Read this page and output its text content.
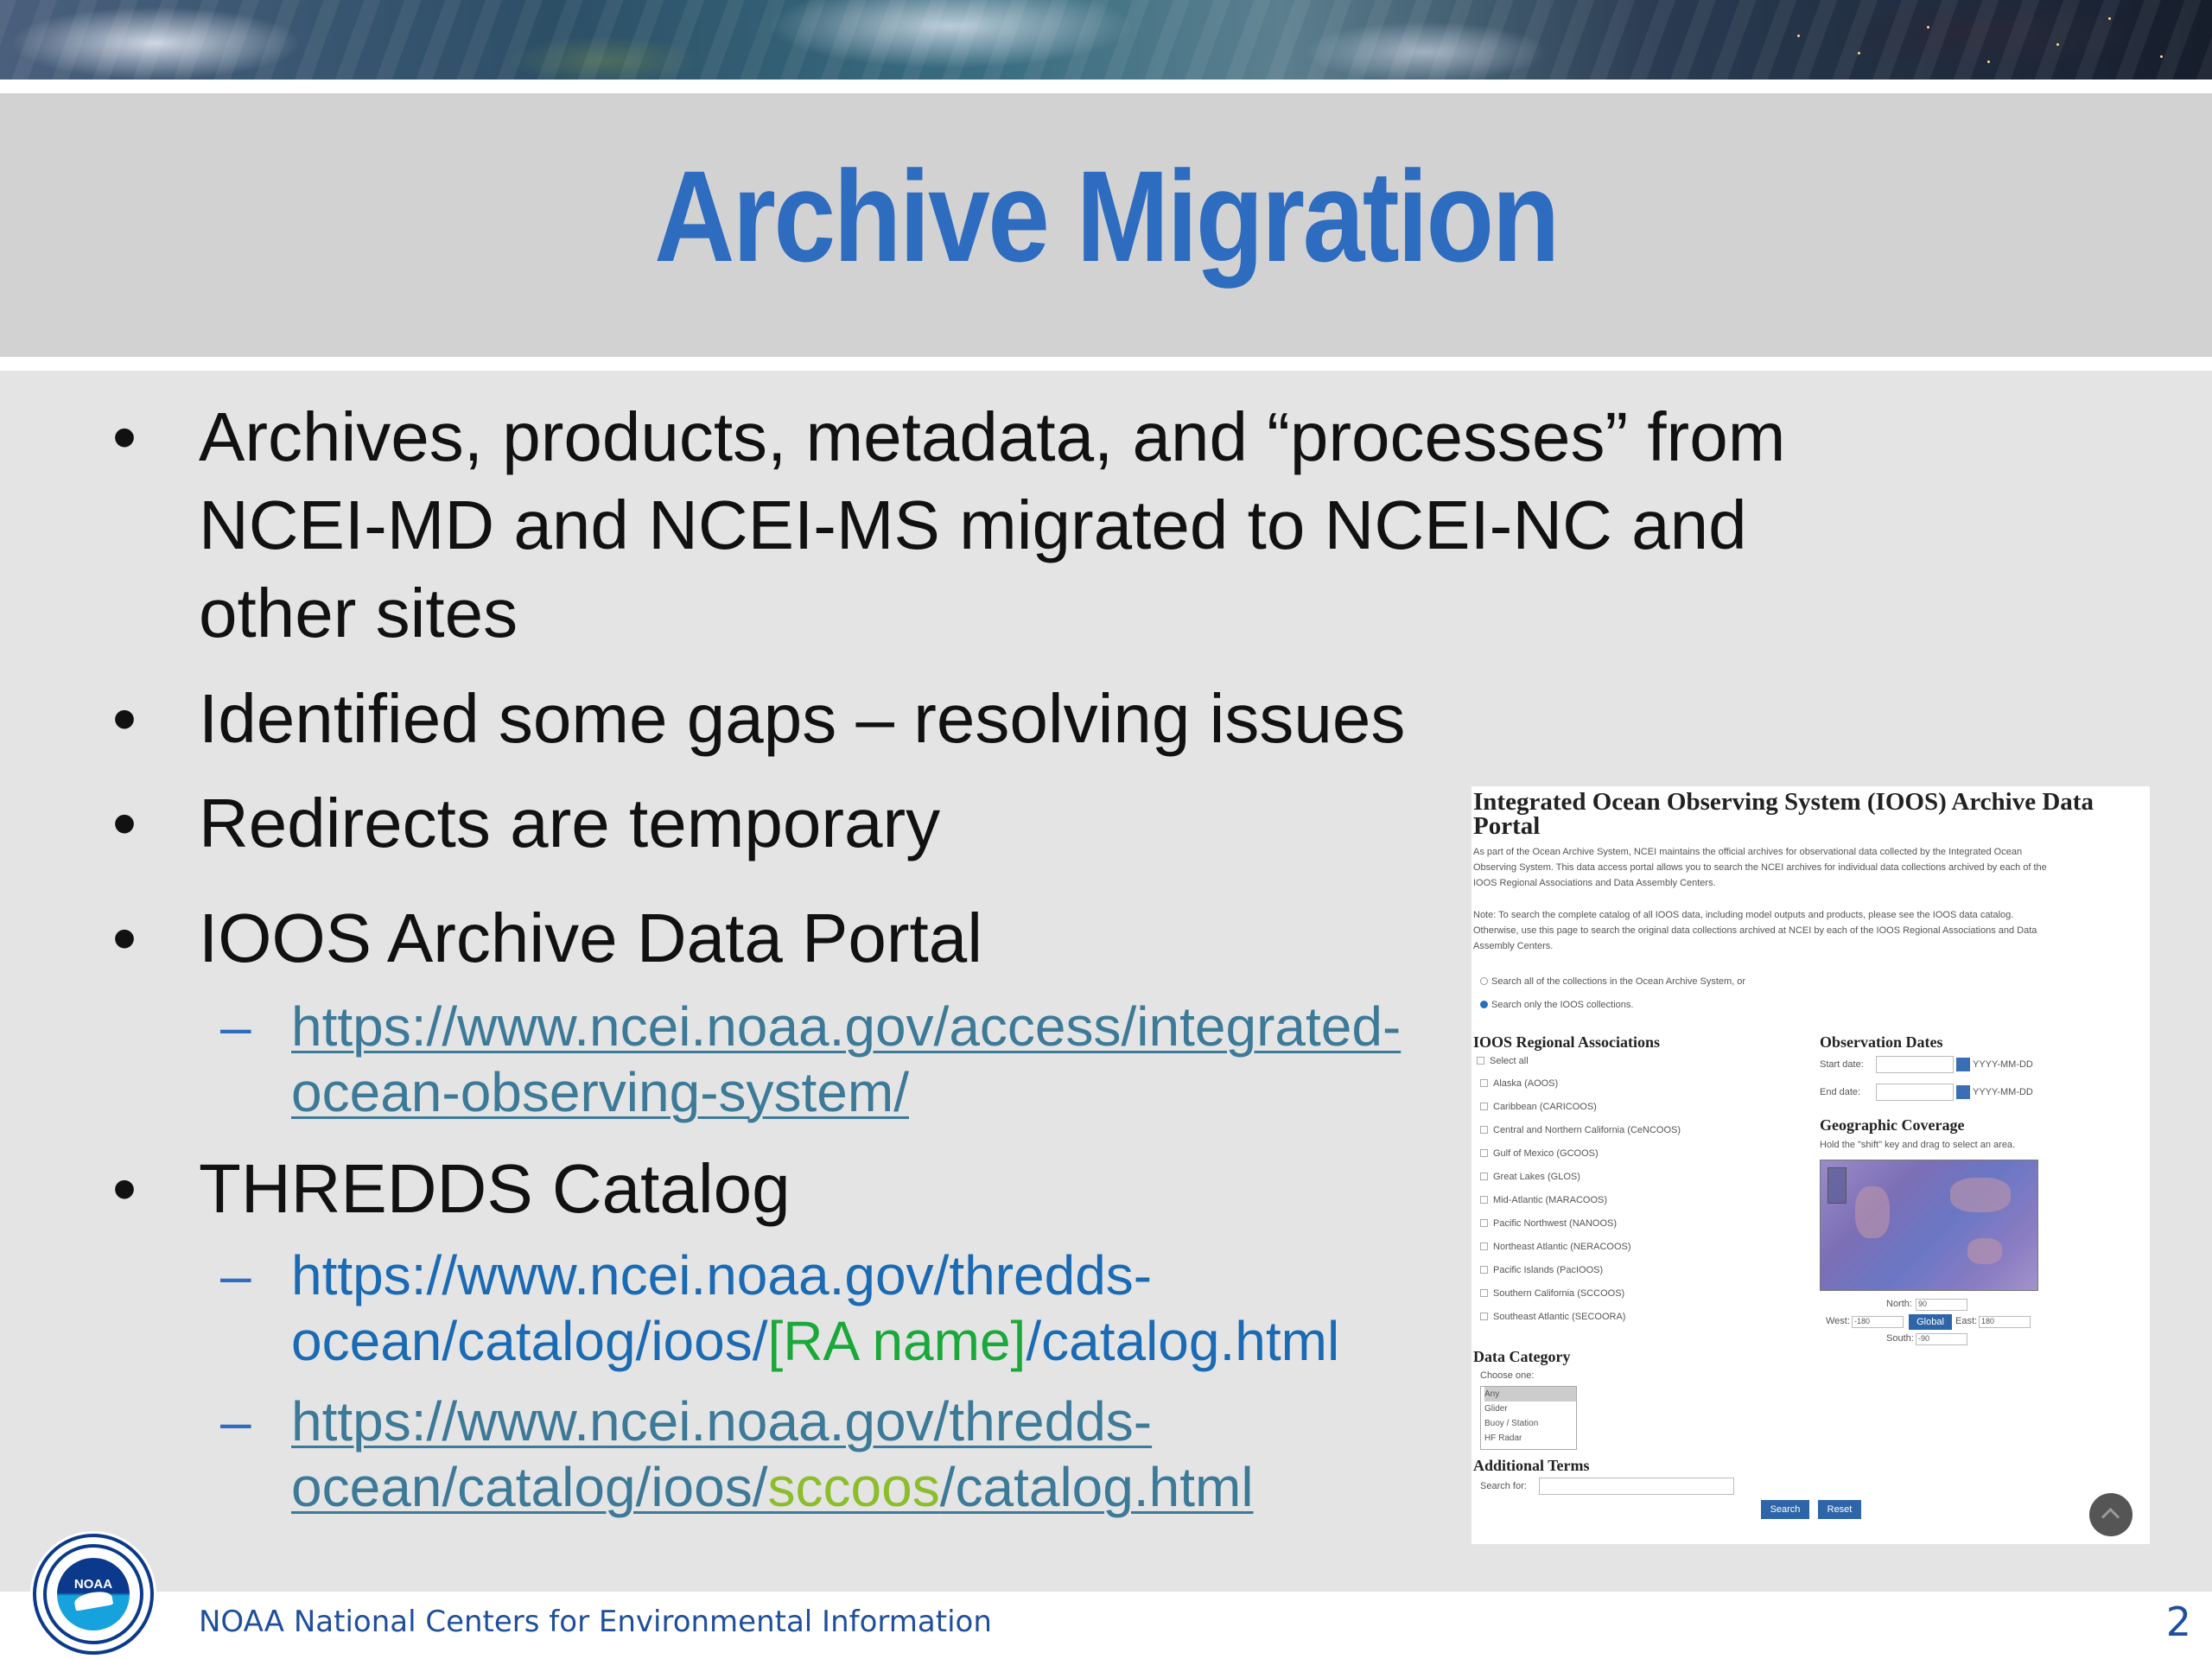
Archive Migration
• Archives, products, metadata, and “processes” from
NCEI-MD and NCEI-MS migrated to NCEI-NC and
other sites
• Identified some gaps – resolving issues
• Redirects are temporary
• IOOS Archive Data Portal
– https://www.ncei.noaa.gov/access/integrated-
ocean-observing-system/
• THREDDS Catalog
– https://www.ncei.noaa.gov/thredds-
ocean/catalog/ioos/[RA name]/catalog.html
– https://www.ncei.noaa.gov/thredds-
ocean/catalog/ioos/sccoos/catalog.html
Integrated Ocean Observing System (IOOS) Archive Data
Portal
As part of the Ocean Archive System, NCEI maintains the official archives for observational data collected by the Integrated Ocean
Observing System. This data access portal allows you to search the NCEI archives for individual data collections archived by each of the
IOOS Regional Associations and Data Assembly Centers.
Note: To search the complete catalog of all IOOS data, including model outputs and products, please see the IOOS data catalog.
Otherwise, use this page to search the original data collections archived at NCEI by each of the IOOS Regional Associations and Data
Assembly Centers.
Search all of the collections in the Ocean Archive System, or
Search only the IOOS collections.
IOOS Regional Associations
Select all
Alaska (AOOS)
Caribbean (CARICOOS)
Central and Northern California (CeNCOOS)
Gulf of Mexico (GCOOS)
Great Lakes (GLOS)
Mid-Atlantic (MARACOOS)
Pacific Northwest (NANOOS)
Northeast Atlantic (NERACOOS)
Pacific Islands (PacIOOS)
Southern California (SCCOOS)
Southeast Atlantic (SECOORA)
Observation Dates
Start date:	YYYY-MM-DD
End date:	YYYY-MM-DD
Geographic Coverage
Hold the "shift" key and drag to select an area.
North: 90
West: -180	Global	East: 180
South: -90
Data Category
Choose one:
Any
Glider
Buoy / Station
HF Radar
Additional Terms
Search for:
Search	Reset
NOAA
NOAA National Centers for Environmental Information	2
